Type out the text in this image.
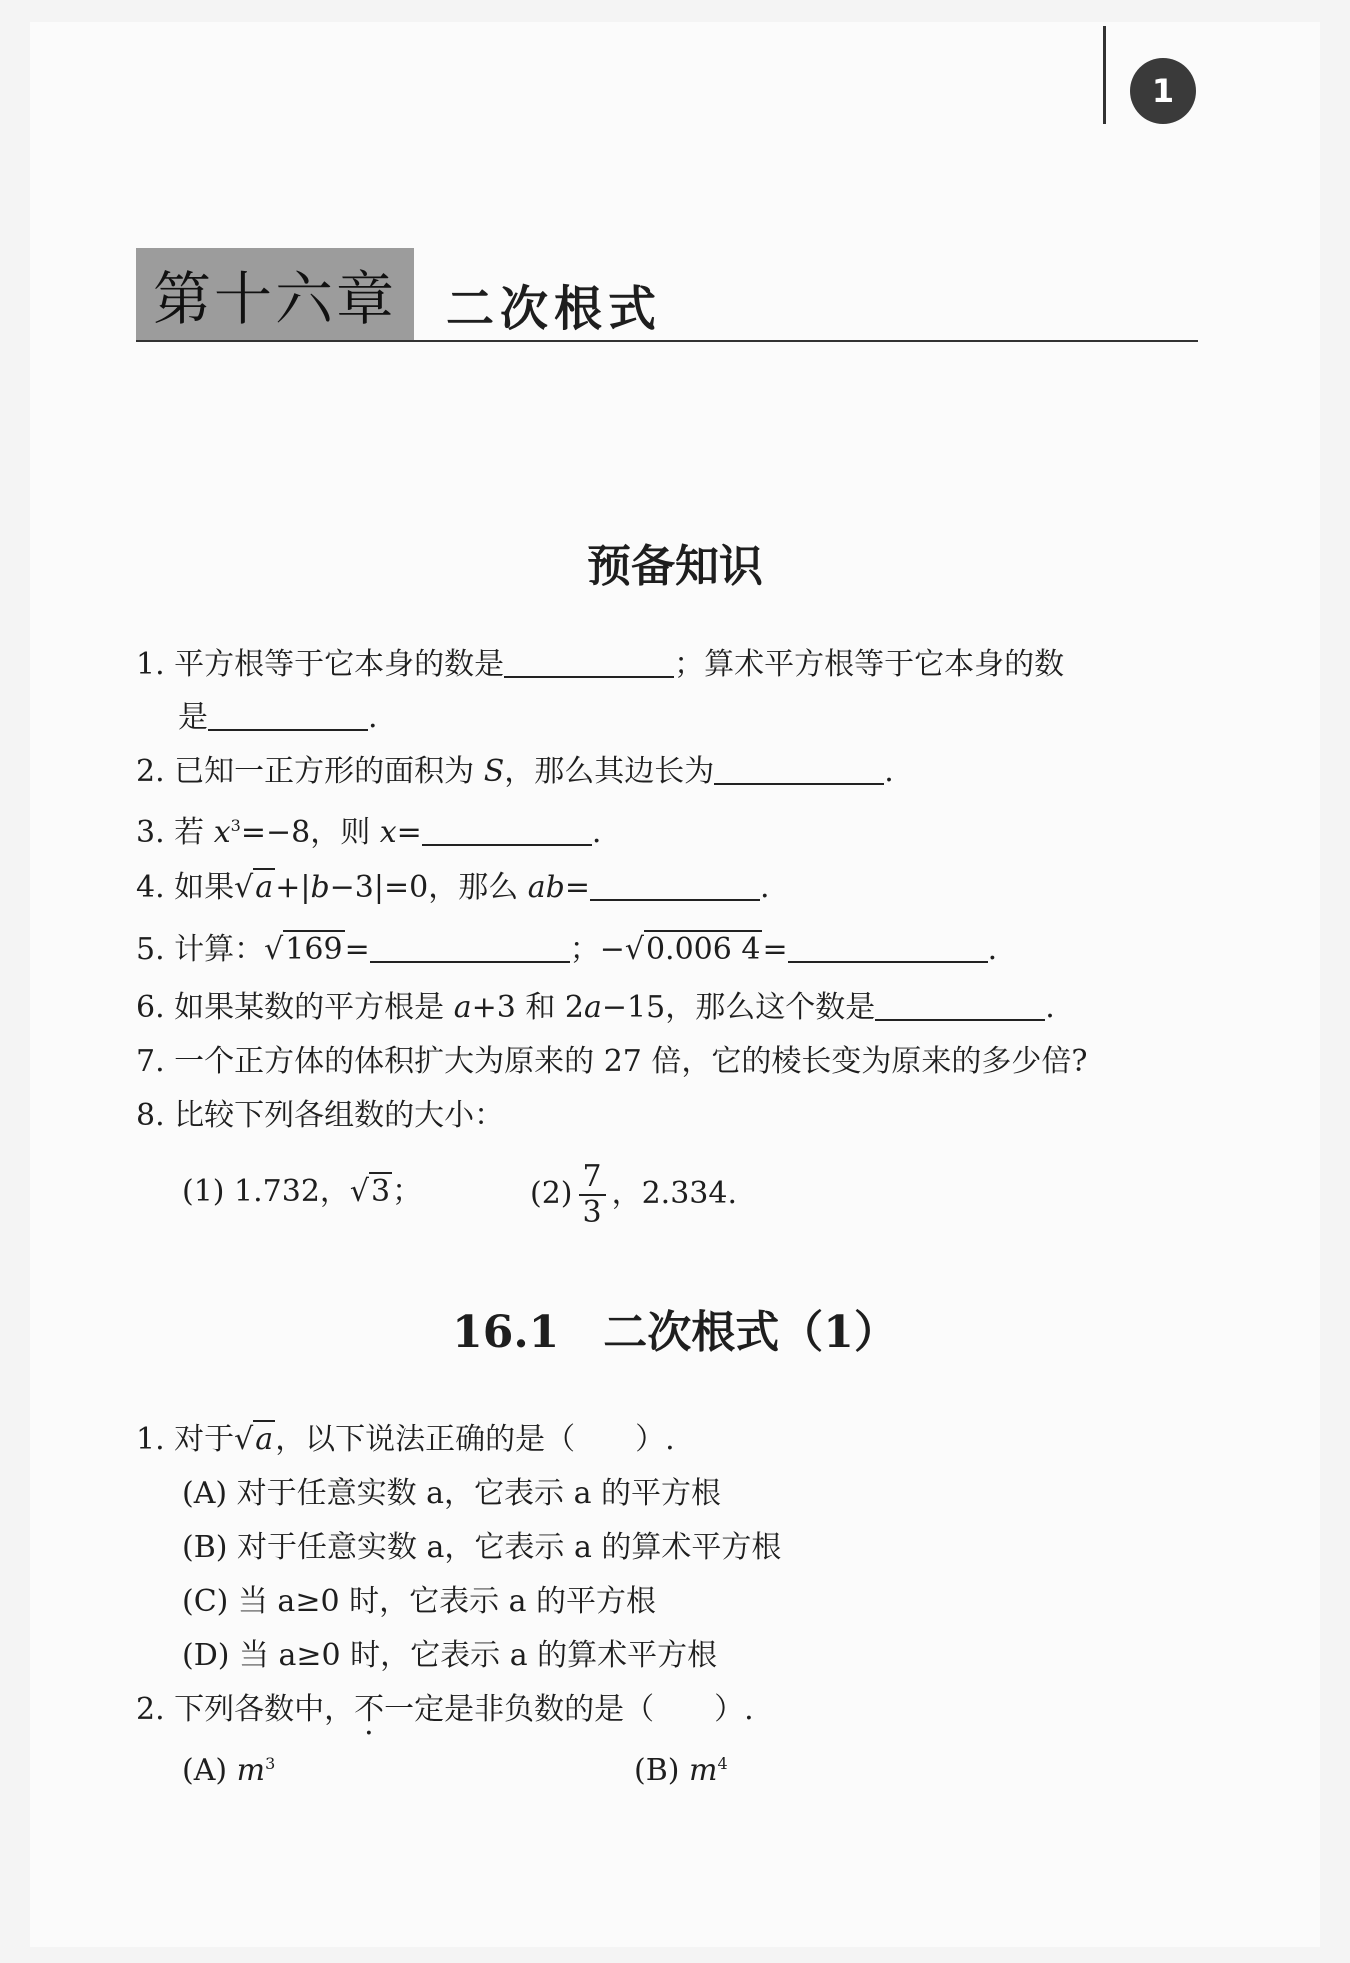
1
第十六章	二次根式
预备知识
1. 平方根等于它本身的数是	；算术平方根等于它本身的数
是	.
2. 已知一正方形的面积为 S，那么其边长为	.
3. 若 $x^3=-8$，则 x=	.
4. 如果√a+|b−3|=0，那么 ab=	.
5. 计算：√169=	；−√0.006 4=	.
6. 如果某数的平方根是 a+3 和 2a−15，那么这个数是	.
7. 一个正方体的体积扩大为原来的 27 倍，它的棱长变为原来的多少倍?
8. 比较下列各组数的大小：
(1) 1.732，√3；	$(2) \frac{7}{3}$ ，2.334.
16.1　二次根式（1）
1. 对于√a，以下说法正确的是（　　）.
(A) 对于任意实数 a，它表示 a 的平方根
(B) 对于任意实数 a，它表示 a 的算术平方根
(C) 当 a≥0 时，它表示 a 的平方根
(D) 当 a≥0 时，它表示 a 的算术平方根
2. 下列各数中，不一定是非负数的是（　　）.
(A) $m^3$	(B) $m^4$
